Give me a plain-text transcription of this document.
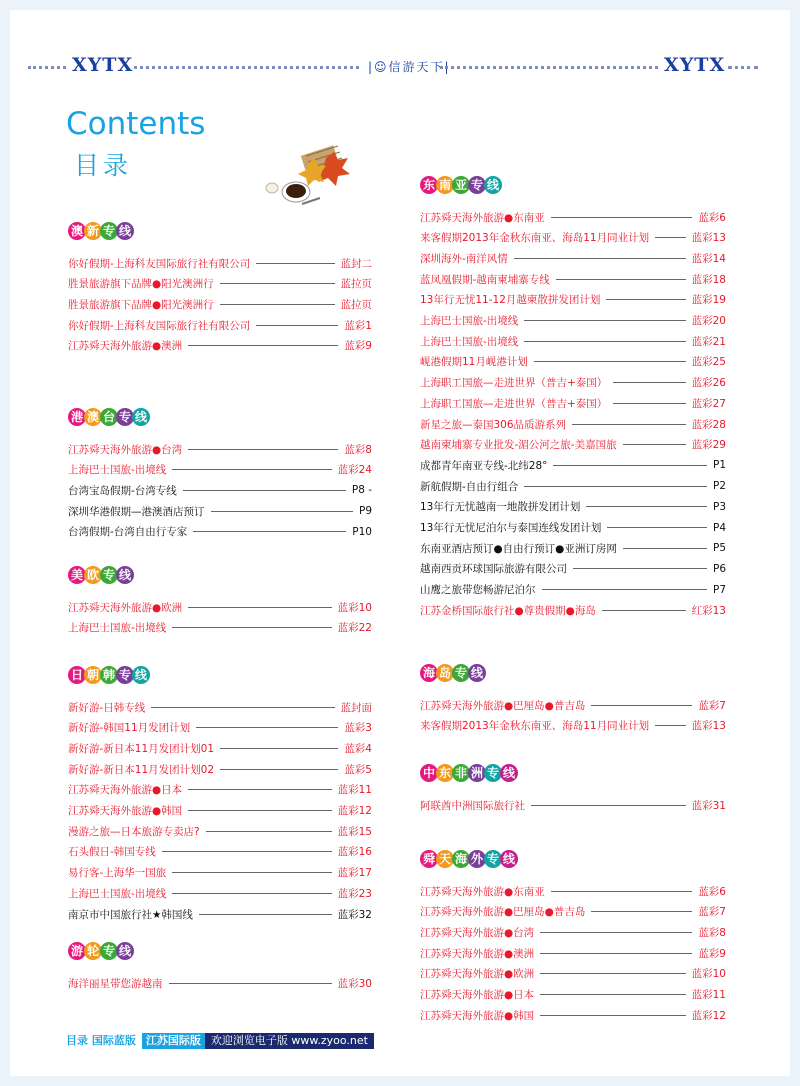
XYTX	|☺信游天下|	XYTX
Contents
目录
澳 新 专 线
你好假期-上海科友国际旅行社有限公司	蓝封二
胜景旅游旗下品牌●阳光澳洲行	蓝拉页
胜景旅游旗下品牌●阳光澳洲行	蓝拉页
你好假期-上海科友国际旅行社有限公司	蓝彩1
江苏舜天海外旅游●澳洲	蓝彩9
港 澳 台 专 线
江苏舜天海外旅游●台湾	蓝彩8
上海巴士国旅-出境线	蓝彩24
台湾宝岛假期-台湾专线	P8 -
深圳华港假期—港澳酒店预订	P9
台湾假期-台湾自由行专家	P10
美 欧 专 线
江苏舜天海外旅游●欧洲	蓝彩10
上海巴士国旅-出境线	蓝彩22
日 朝 韩 专 线
新好游-日韩专线	蓝封面
新好游-韩国11月发团计划	蓝彩3
新好游-新日本11月发团计划01	蓝彩4
新好游-新日本11月发团计划02	蓝彩5
江苏舜天海外旅游●日本	蓝彩11
江苏舜天海外旅游●韩国	蓝彩12
漫游之旅—日本旅游专卖店?	蓝彩15
石头假日-韩国专线	蓝彩16
易行客-上海华一国旅	蓝彩17
上海巴士国旅-出境线	蓝彩23
南京市中国旅行社★韩国线	蓝彩32
游 轮 专 线
海洋丽星带您游越南	蓝彩30
东 南 亚 专 线
江苏舜天海外旅游●东南亚	蓝彩6
来客假期2013年金秋东南亚、海岛11月同业计划	蓝彩13
深圳海外-南洋风情	蓝彩14
蓝凤凰假期-越南柬埔寨专线	蓝彩18
13年行无忧11-12月越柬散拼发团计划	蓝彩19
上海巴士国旅-出境线	蓝彩20
上海巴士国旅-出境线	蓝彩21
岘港假期11月岘港计划	蓝彩25
上海职工国旅—走进世界（普吉+泰国）	蓝彩26
上海职工国旅—走进世界（普吉+泰国）	蓝彩27
新星之旅—泰国306品质游系列	蓝彩28
越南柬埔寨专业批发-湄公河之旅-美嘉国旅	蓝彩29
成都青年南亚专线-北纬28°	P1
新航假期-自由行组合	P2
13年行无忧越南一地散拼发团计划	P3
13年行无忧尼泊尔与泰国连线发团计划	P4
东南亚酒店预订●自由行预订●亚洲订房网	P5
越南西贡环球国际旅游有限公司	P6
山鹰之旅带您畅游尼泊尔	P7
江苏金桥国际旅行社●尊贵假期●海岛	红彩13
海 岛 专 线
江苏舜天海外旅游●巴厘岛●普吉岛	蓝彩7
来客假期2013年金秋东南亚、海岛11月同业计划	蓝彩13
中 东 非 洲 专 线
阿联酋中洲国际旅行社	蓝彩31
舜 天 海 外 专 线
江苏舜天海外旅游●东南亚	蓝彩6
江苏舜天海外旅游●巴厘岛●普吉岛	蓝彩7
江苏舜天海外旅游●台湾	蓝彩8
江苏舜天海外旅游●澳洲	蓝彩9
江苏舜天海外旅游●欧洲	蓝彩10
江苏舜天海外旅游●日本	蓝彩11
江苏舜天海外旅游●韩国	蓝彩12
目录 国际蓝版 江苏国际版 欢迎浏览电子版 www.zyoo.net
